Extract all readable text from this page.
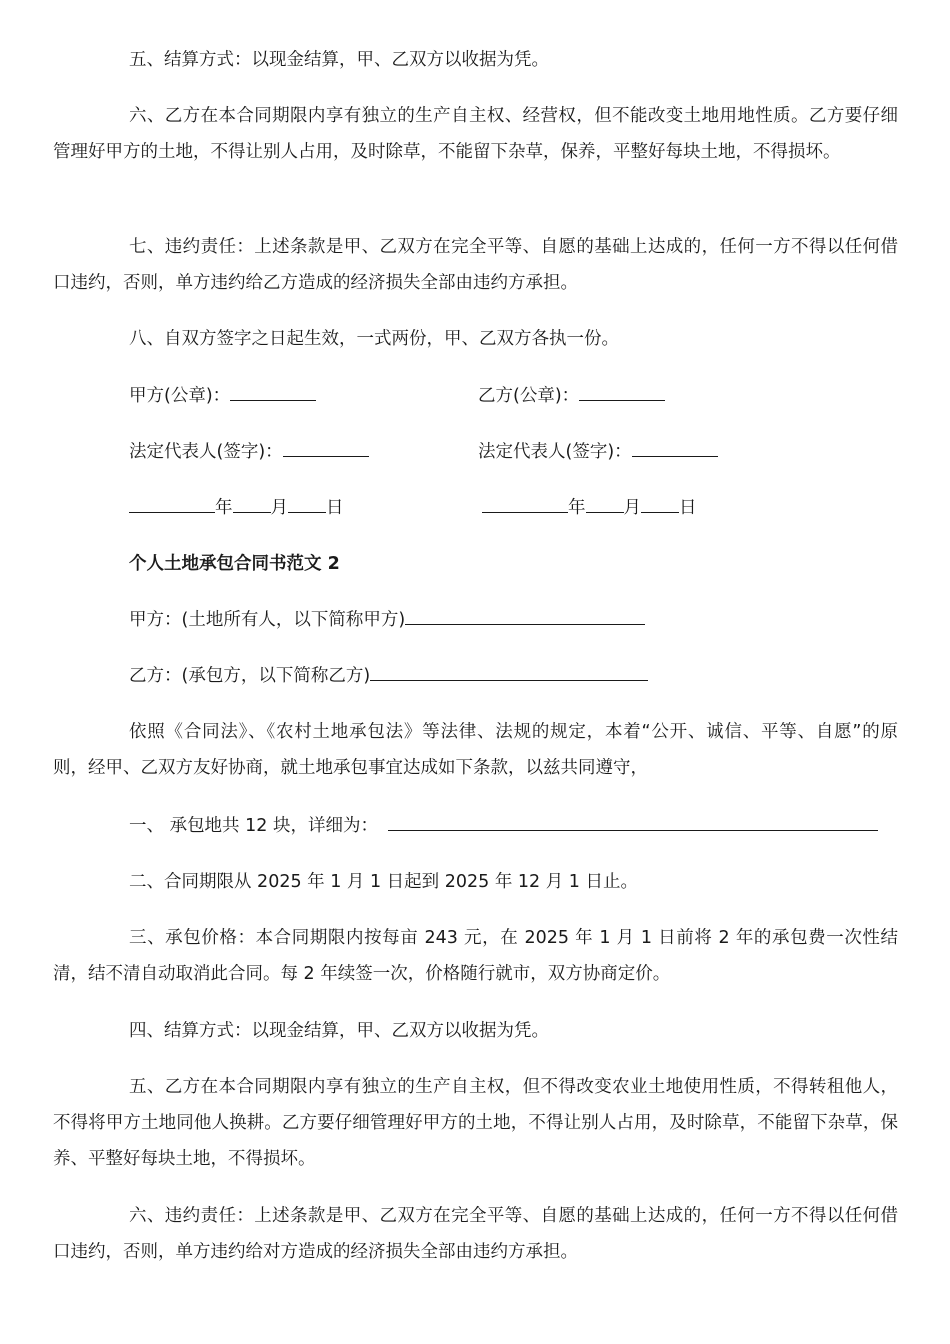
五、结算方式：以现金结算，甲、乙双方以收据为凭。

六、乙方在本合同期限内享有独立的生产自主权、经营权，但不能改变土地用地性质。乙方要仔细管理好甲方的土地，不得让别人占用，及时除草，不能留下杂草，保养，平整好每块土地，不得损坏。

七、违约责任：上述条款是甲、乙双方在完全平等、自愿的基础上达成的，任何一方不得以任何借口违约，否则，单方违约给乙方造成的经济损失全部由违约方承担。

八、自双方签字之日起生效，一式两份，甲、乙双方各执一份。

甲方(公章)：	乙方(公章)：
法定代表人(签字)：	法定代表人(签字)：
年 月 日	年 月 日
个人土地承包合同书范文 2
甲方：(土地所有人，以下简称甲方)
乙方：(承包方，以下简称乙方)

依照《合同法》、《农村土地承包法》等法律、法规的规定，本着“公开、诚信、平等、自愿”的原则，经甲、乙双方友好协商，就土地承包事宜达成如下条款，以兹共同遵守，

一、 承包地共 12 块，详细为：

二、合同期限从 2025 年 1 月 1 日起到 2025 年 12 月 1 日止。

三、承包价格：本合同期限内按每亩 243 元，在 2025 年 1 月 1 日前将 2 年的承包费一次性结清，结不清自动取消此合同。每 2 年续签一次，价格随行就市，双方协商定价。

四、结算方式：以现金结算，甲、乙双方以收据为凭。

五、乙方在本合同期限内享有独立的生产自主权，但不得改变农业土地使用性质，不得转租他人，不得将甲方土地同他人换耕。乙方要仔细管理好甲方的土地，不得让别人占用，及时除草，不能留下杂草，保养、平整好每块土地，不得损坏。

六、违约责任：上述条款是甲、乙双方在完全平等、自愿的基础上达成的，任何一方不得以任何借口违约，否则，单方违约给对方造成的经济损失全部由违约方承担。
